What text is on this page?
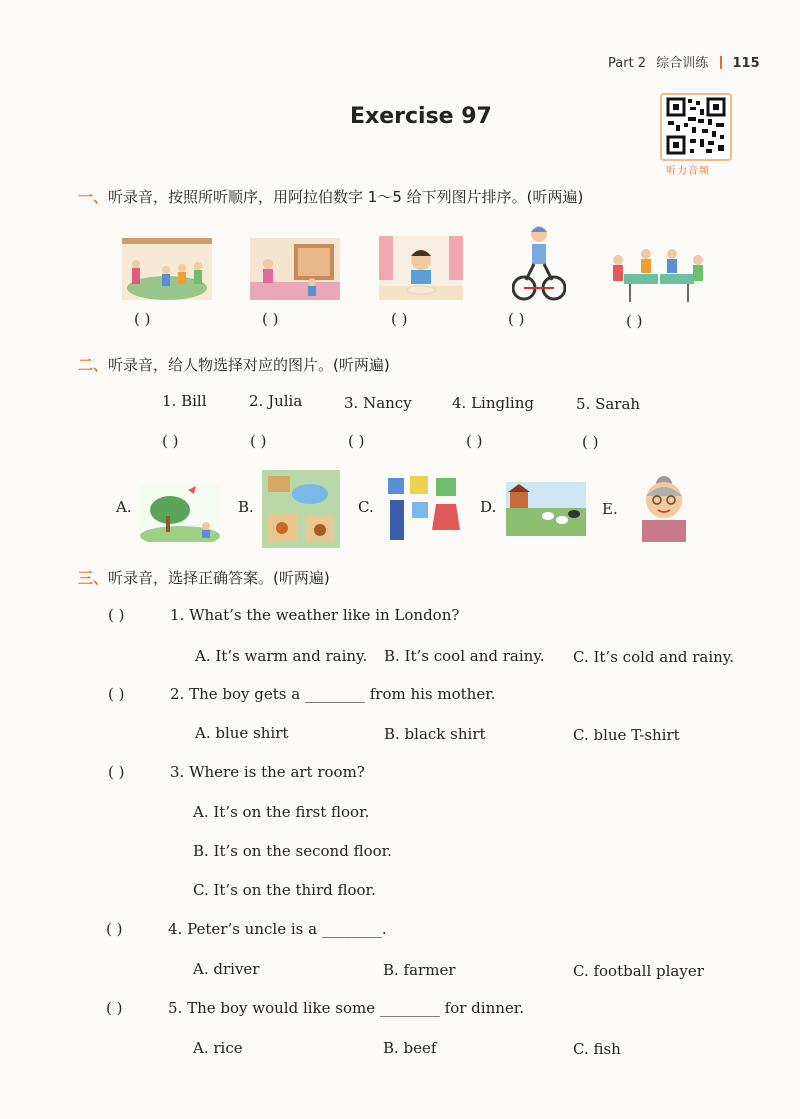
Part 2 综合训练 115
Exercise 97
听力音频
一、听录音，按照所听顺序，用阿拉伯数字 1～5 给下列图片排序。(听两遍)
( )	( )	( )	( )	( )
二、听录音，给人物选择对应的图片。(听两遍)
1. Bill	2. Julia	3. Nancy	4. Lingling	5. Sarah
( )	( )	( )	( )	( )
A.	B.	C.	D.	E.
三、听录音，选择正确答案。(听两遍)
( )	1. What’s the weather like in London?
A. It’s warm and rainy. B. It’s cool and rainy. C. It’s cold and rainy.
( )	2. The boy gets a ________ from his mother.
A. blue shirt	B. black shirt	C. blue T-shirt
( )	3. Where is the art room?
A. It’s on the first floor.
B. It’s on the second floor.
C. It’s on the third floor.
( )	4. Peter’s uncle is a ________.
A. driver	B. farmer	C. football player
( )	5. The boy would like some ________ for dinner.
A. rice	B. beef	C. fish
